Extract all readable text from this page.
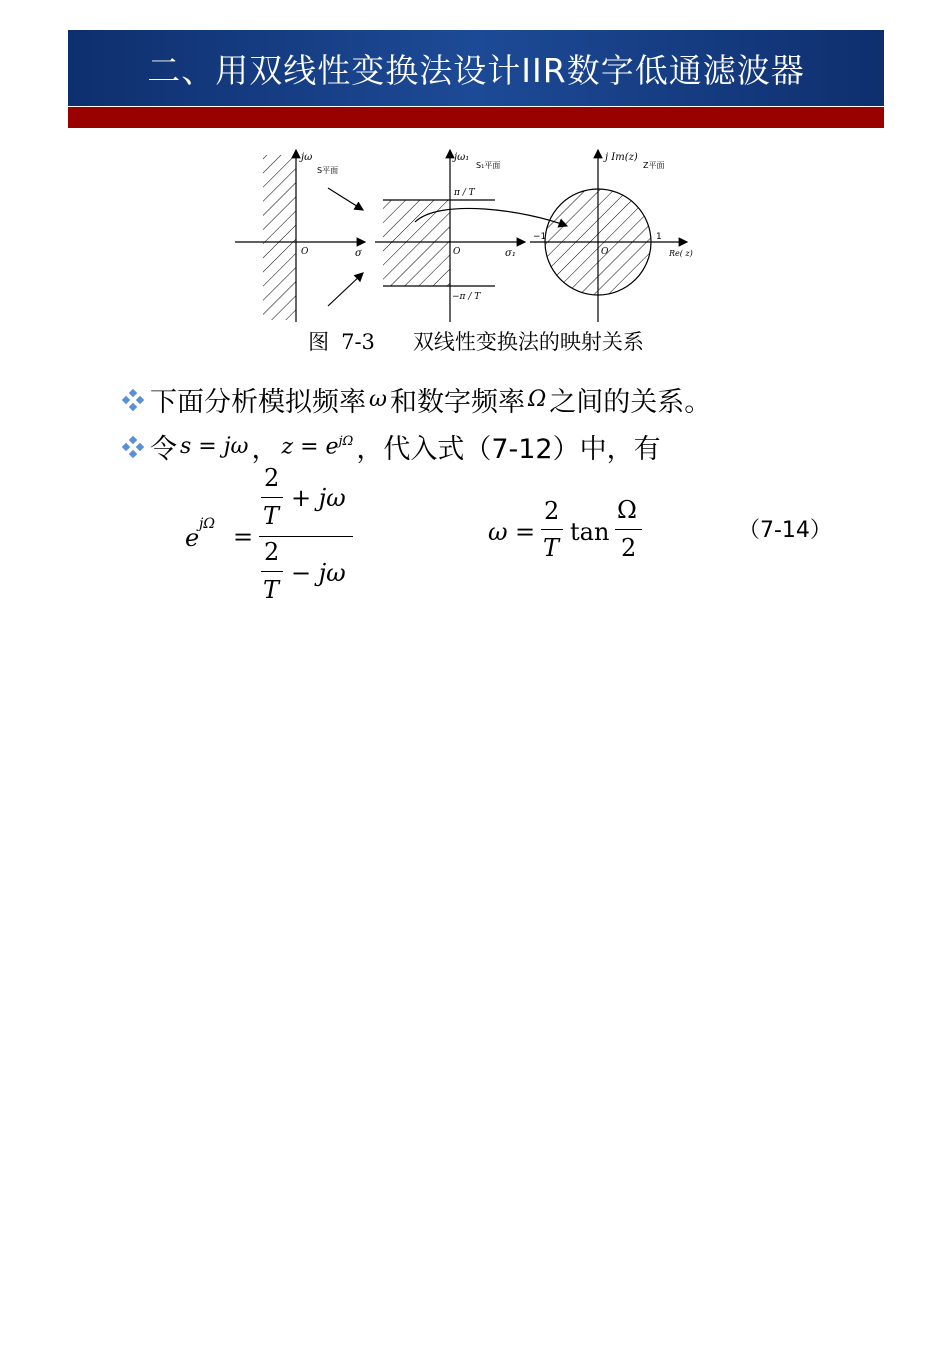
二、用双线性变换法设计IIR数字低通滤波器
jω
S平面
O	σ
jω₁
S₁平面
π / T
−π / T
O	σ₁
j Im(z)
Z平面
−1	1
O	Re( z)
图 7-3 双线性变换法的映射关系
下面分析模拟频率 ω 和数字频率 Ω 之间的关系。
令 s = jω ， $z = e^{j\Omega}$ ，代入式（7-12）中，有
e jΩ =
2
T
+ jω
2
T
− jω
ω =
2
T
tan
Ω
2
（7-14）
